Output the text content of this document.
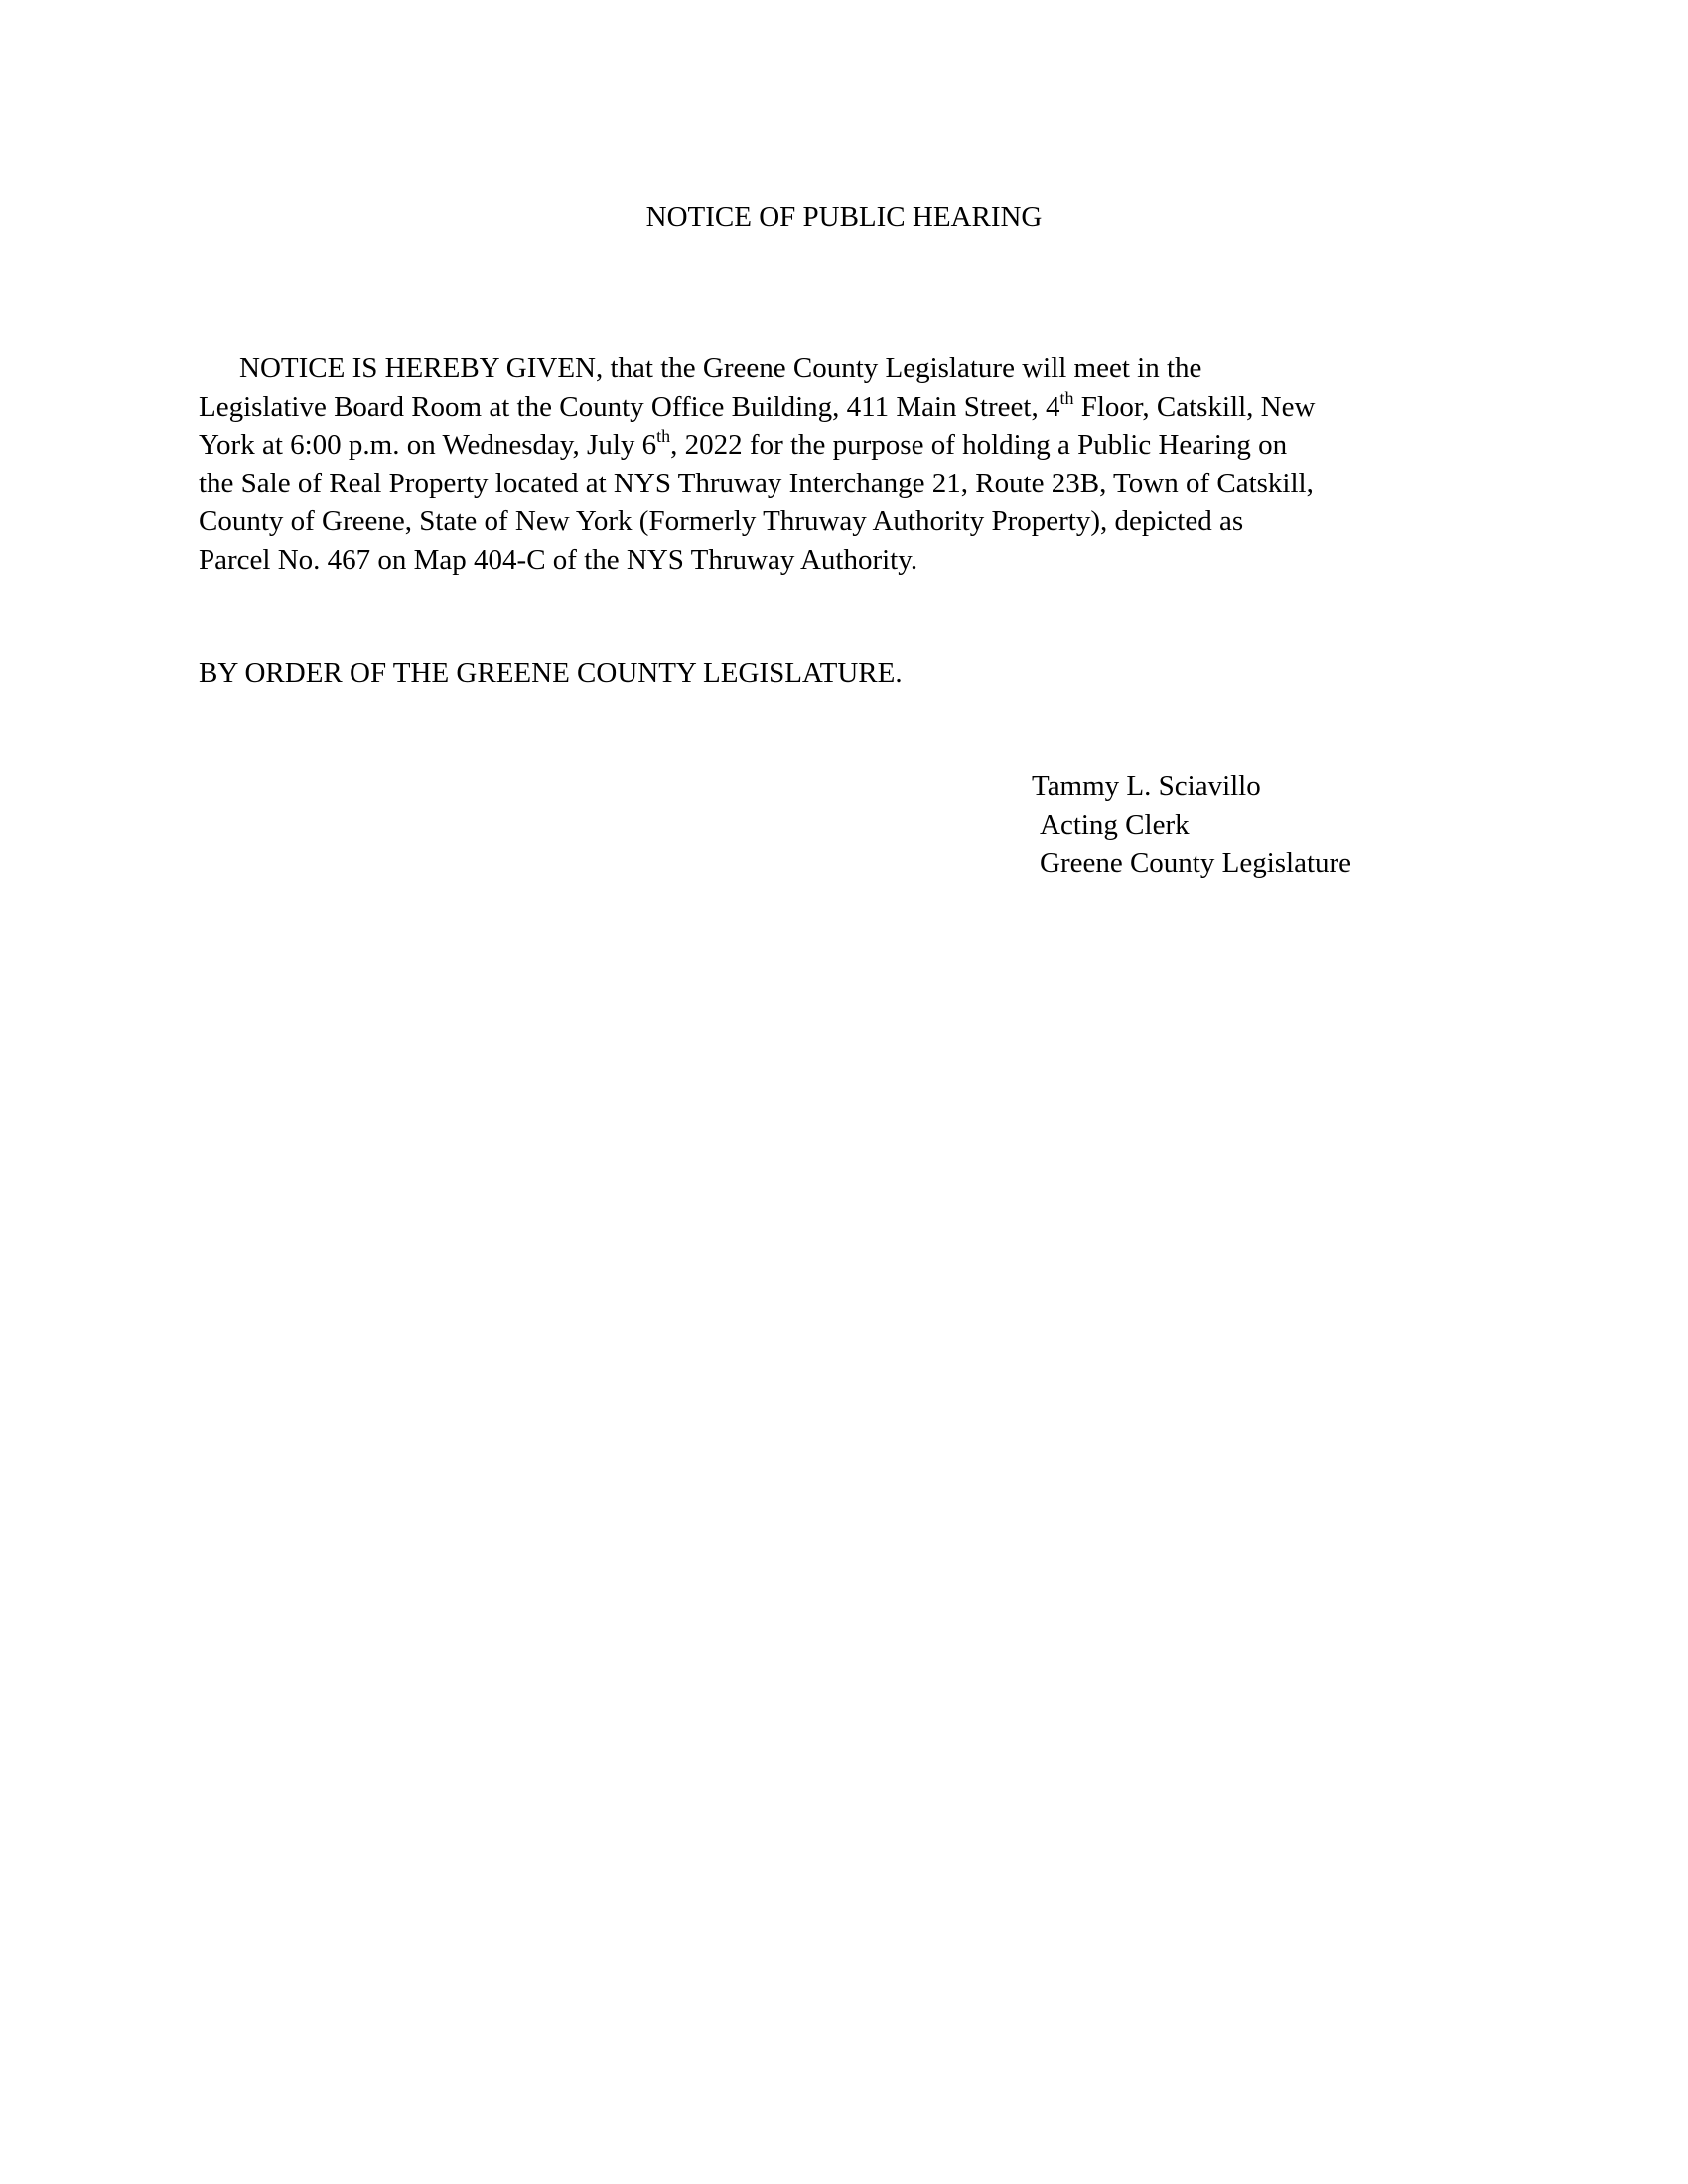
NOTICE OF PUBLIC HEARING
NOTICE IS HEREBY GIVEN, that the Greene County Legislature will meet in the
Legislative Board Room at the County Office Building, 411 Main Street, 4th Floor, Catskill, New
York at 6:00 p.m. on Wednesday, July 6th, 2022 for the purpose of holding a Public Hearing on
the Sale of Real Property located at NYS Thruway Interchange 21, Route 23B, Town of Catskill,
County of Greene, State of New York (Formerly Thruway Authority Property), depicted as
Parcel No. 467 on Map 404-C of the NYS Thruway Authority.
BY ORDER OF THE GREENE COUNTY LEGISLATURE.
Tammy L. Sciavillo
Acting Clerk
Greene County Legislature
